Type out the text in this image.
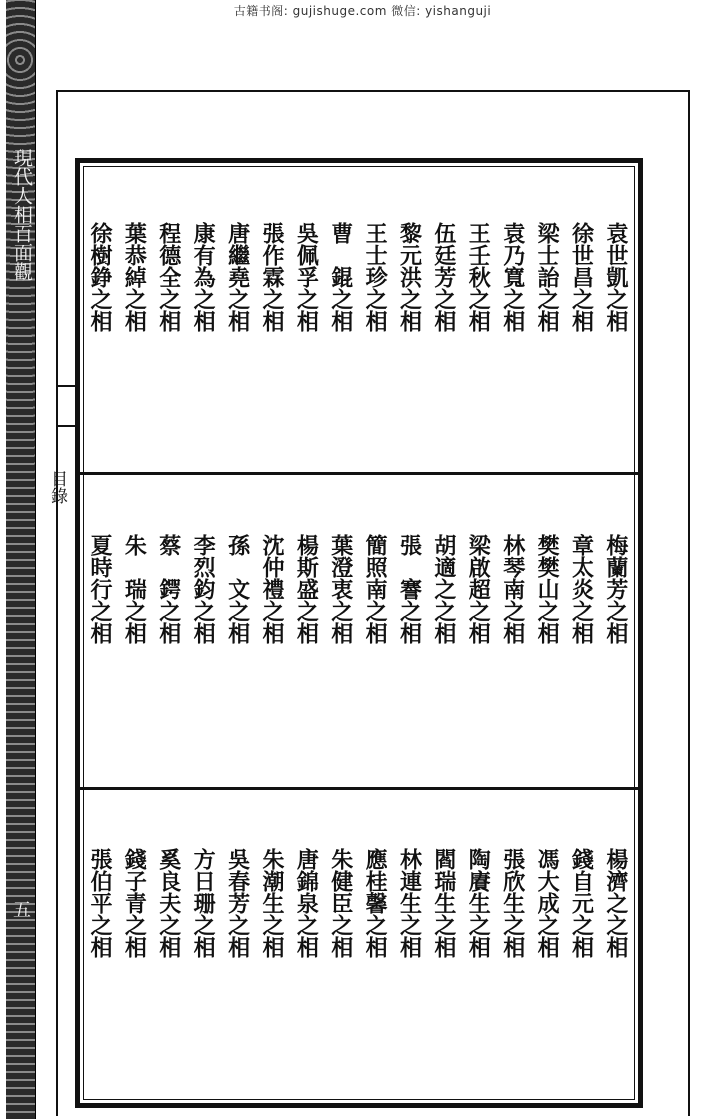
古籍书阁: gujishuge.com 微信: yishanguji
現代人相百面觀
五
目錄
袁世凱之相
徐世昌之相
梁士詒之相
袁乃寬之相
王壬秋之相
伍廷芳之相
黎元洪之相
王士珍之相
曹　錕之相
吳佩孚之相
張作霖之相
唐繼堯之相
康有為之相
程德全之相
葉恭綽之相
徐樹錚之相
梅蘭芳之相
章太炎之相
樊樊山之相
林琴南之相
梁啟超之相
胡適之之相
張　謇之相
簡照南之相
葉澄衷之相
楊斯盛之相
沈仲禮之相
孫　文之相
李烈鈞之相
蔡　鍔之相
朱　瑞之相
夏時行之相
楊濟之之相
錢自元之相
馮大成之相
張欣生之相
陶賡生之相
閻瑞生之相
林連生之相
應桂馨之相
朱健臣之相
唐錦泉之相
朱潮生之相
吳春芳之相
方日珊之相
奚良夫之相
錢子青之相
張伯平之相
